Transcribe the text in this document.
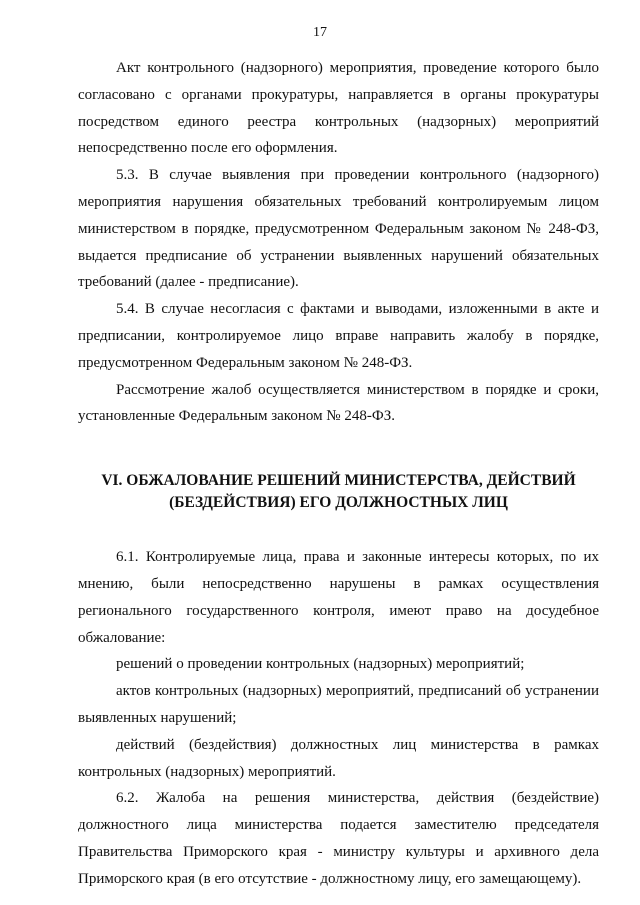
17

Акт контрольного (надзорного) мероприятия, проведение которого было согласовано с органами прокуратуры, направляется в органы прокуратуры посредством единого реестра контрольных (надзорных) мероприятий непосредственно после его оформления.

5.3. В случае выявления при проведении контрольного (надзорного) мероприятия нарушения обязательных требований контролируемым лицом министерством в порядке, предусмотренном Федеральным законом № 248-ФЗ, выдается предписание об устранении выявленных нарушений обязательных требований (далее - предписание).

5.4. В случае несогласия с фактами и выводами, изложенными в акте и предписании, контролируемое лицо вправе направить жалобу в порядке, предусмотренном Федеральным законом № 248-ФЗ.

Рассмотрение жалоб осуществляется министерством в порядке и сроки, установленные Федеральным законом № 248-ФЗ.

VI. ОБЖАЛОВАНИЕ РЕШЕНИЙ МИНИСТЕРСТВА, ДЕЙСТВИЙ
(БЕЗДЕЙСТВИЯ) ЕГО ДОЛЖНОСТНЫХ ЛИЦ

6.1. Контролируемые лица, права и законные интересы которых, по их мнению, были непосредственно нарушены в рамках осуществления регионального государственного контроля, имеют право на досудебное обжалование:

решений о проведении контрольных (надзорных) мероприятий;

актов контрольных (надзорных) мероприятий, предписаний об устранении выявленных нарушений;

действий (бездействия) должностных лиц министерства в рамках контрольных (надзорных) мероприятий.

6.2. Жалоба на решения министерства, действия (бездействие) должностного лица министерства подается заместителю председателя Правительства Приморского края - министру культуры и архивного дела Приморского края (в его отсутствие - должностному лицу, его замещающему).
